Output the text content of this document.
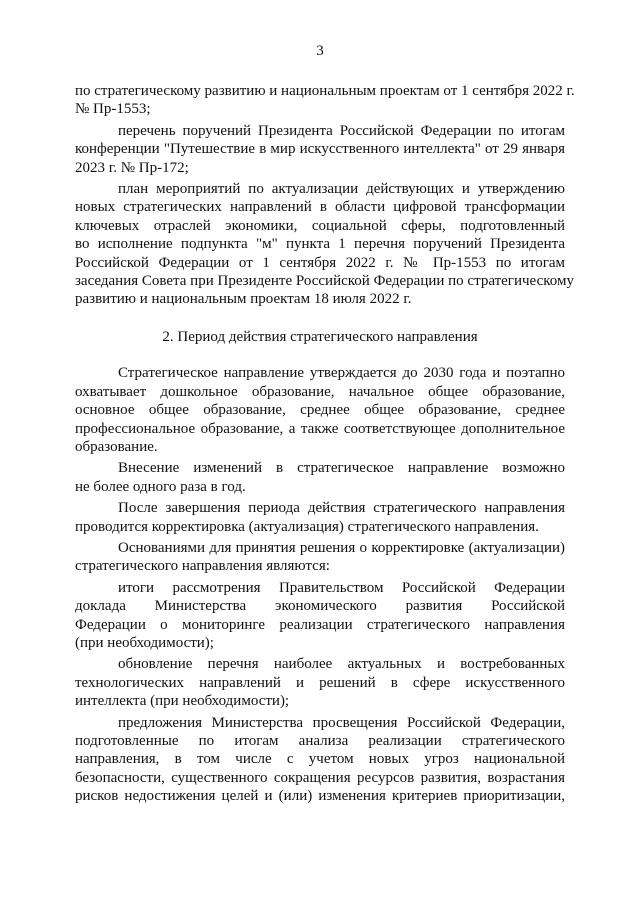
3
по стратегическому развитию и национальным проектам от 1 сентября 2022 г.
№ Пр-1553;
перечень поручений Президента Российской Федерации по итогам
конференции "Путешествие в мир искусственного интеллекта" от 29 января
2023 г. № Пр-172;
план мероприятий по актуализации действующих и утверждению
новых стратегических направлений в области цифровой трансформации
ключевых отраслей экономики, социальной сферы, подготовленный
во исполнение подпункта "м" пункта 1 перечня поручений Президента
Российской Федерации от 1 сентября 2022 г. № Пр-1553 по итогам
заседания Совета при Президенте Российской Федерации по стратегическому
развитию и национальным проектам 18 июля 2022 г.
2. Период действия стратегического направления
Стратегическое направление утверждается до 2030 года и поэтапно
охватывает дошкольное образование, начальное общее образование,
основное общее образование, среднее общее образование, среднее
профессиональное образование, а также соответствующее дополнительное
образование.
Внесение изменений в стратегическое направление возможно
не более одного раза в год.
После завершения периода действия стратегического направления
проводится корректировка (актуализация) стратегического направления.
Основаниями для принятия решения о корректировке (актуализации)
стратегического направления являются:
итоги рассмотрения Правительством Российской Федерации
доклада Министерства экономического развития Российской
Федерации о мониторинге реализации стратегического направления
(при необходимости);
обновление перечня наиболее актуальных и востребованных
технологических направлений и решений в сфере искусственного
интеллекта (при необходимости);
предложения Министерства просвещения Российской Федерации,
подготовленные по итогам анализа реализации стратегического
направления, в том числе с учетом новых угроз национальной
безопасности, существенного сокращения ресурсов развития, возрастания
рисков недостижения целей и (или) изменения критериев приоритизации,
